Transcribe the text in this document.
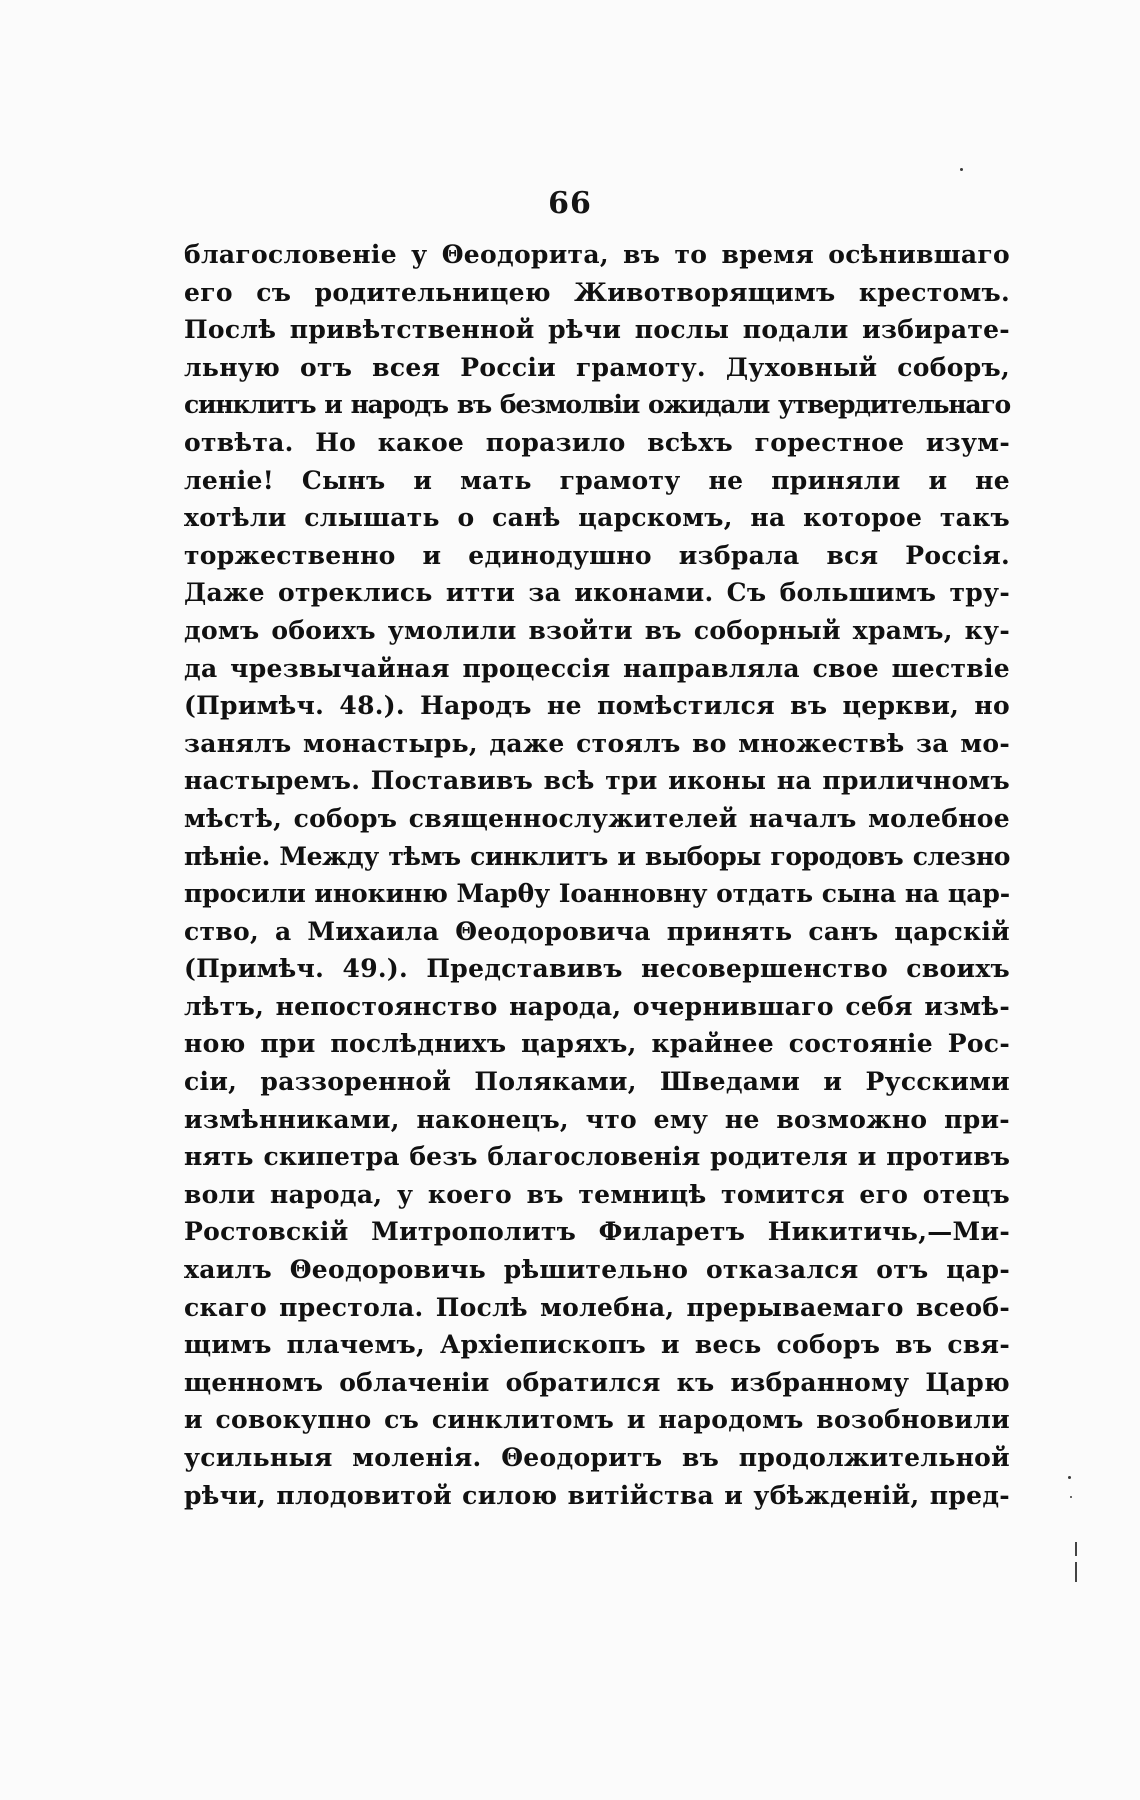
66
благословеніе у Θеодорита, въ то время осѣнившаго
его съ родительницею Животворящимъ крестомъ.
Послѣ привѣтственной рѣчи послы подали избирате-
льную отъ всея Россіи грамоту. Духовный соборъ,
синклитъ и народъ въ безмолвіи ожидали утвердительнаго
отвѣта. Но какое поразило всѣхъ горестное изум-
леніе! Сынъ и мать грамоту не приняли и не
хотѣли слышать о санѣ царскомъ, на которое такъ
торжественно и единодушно избрала вся Россія.
Даже отреклись итти за иконами. Съ большимъ тру-
домъ обоихъ умолили взойти въ соборный храмъ, ку-
да чрезвычайная процессія направляла свое шествіе
(Примѣч. 48.). Народъ не помѣстился въ церкви, но
занялъ монастырь, даже стоялъ во множествѣ за мо-
настыремъ. Поставивъ всѣ три иконы на приличномъ
мѣстѣ, соборъ священнослужителей началъ молебное
пѣніе. Между тѣмъ синклитъ и выборы городовъ слезно
просили инокиню Марθу Іоанновну отдать сына на цар-
ство, а Михаила Θеодоровича принять санъ царскій
(Примѣч. 49.). Представивъ несовершенство своихъ
лѣтъ, непостоянство народа, очернившаго себя измѣ-
ною при послѣднихъ царяхъ, крайнее состояніе Рос-
сіи, раззоренной Поляками, Шведами и Русскими
измѣнниками, наконецъ, что ему не возможно при-
нять скипетра безъ благословенія родителя и противъ
воли народа, у коего въ темницѣ томится его отецъ
Ростовскій Митрополитъ Филаретъ Никитичь,—Ми-
хаилъ Θеодоровичь рѣшительно отказался отъ цар-
скаго престола. Послѣ молебна, прерываемаго всеоб-
щимъ плачемъ, Архіепископъ и весь соборъ въ свя-
щенномъ облаченіи обратился къ избранному Царю
и совокупно съ синклитомъ и народомъ возобновили
усильныя моленія. Θеодоритъ въ продолжительной
рѣчи, плодовитой силою витійства и убѣжденій, пред-
